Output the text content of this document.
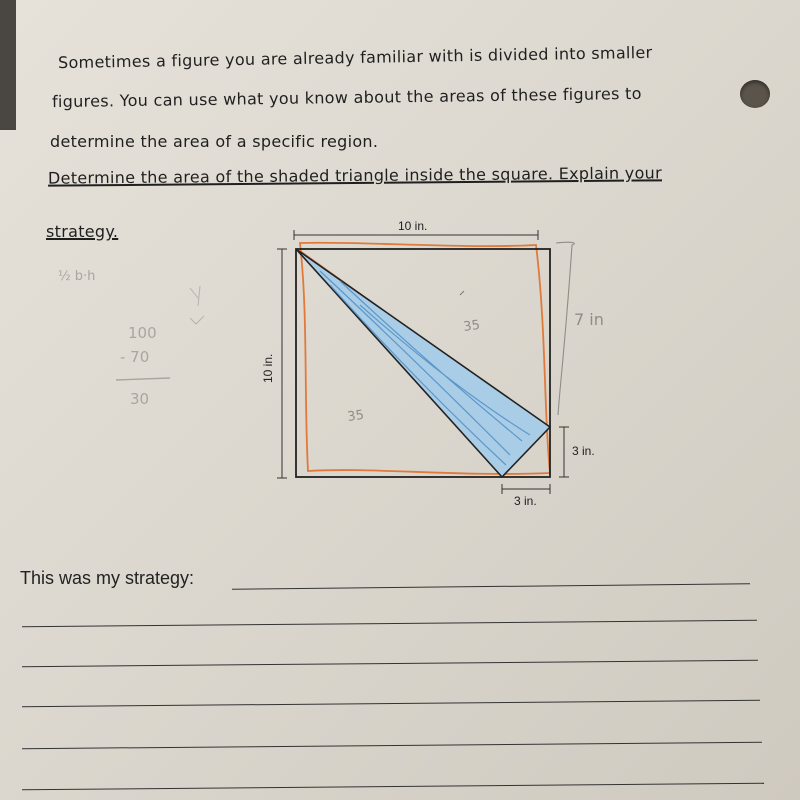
Sometimes a figure you are already familiar with is divided into smaller
figures. You can use what you know about the areas of these figures to
determine the area of a specific region.
Determine the area of the shaded triangle inside the square. Explain your
strategy.
½ b·h
100
- 70
30
10 in.
10 in.
3 in.
3 in.
35
35
7 in
This was my strategy:
